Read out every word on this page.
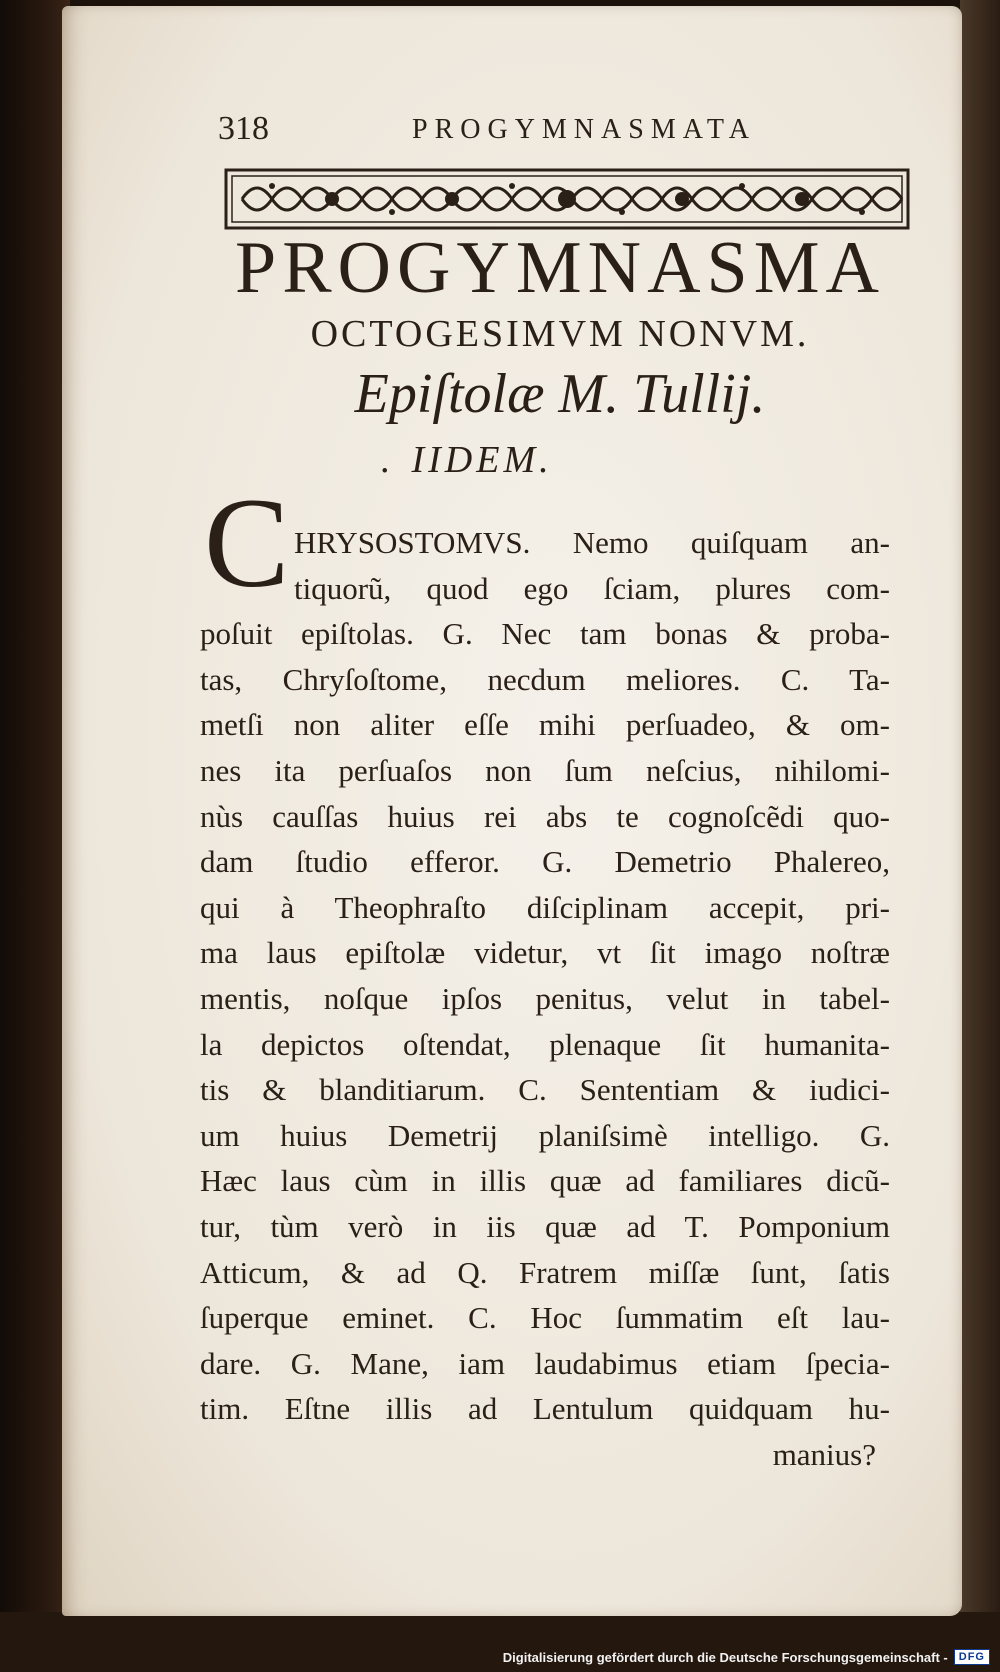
318	PROGYMNASMATA
PROGYMNASMA
OCTOGESIMVM NONVM.
Epiſtolæ M. Tullij.
. IIDEM.
C HRYSOSTOMVS. Nemo quiſquam an-
tiquorũ, quod ego ſciam, plures com-
poſuit epiſtolas. G. Nec tam bonas & proba-
tas, Chryſoſtome, necdum meliores. C. Ta-
metſi non aliter eſſe mihi perſuadeo, & om-
nes ita perſuaſos non ſum neſcius, nihilomi-
nùs cauſſas huius rei abs te cognoſcẽdi quo-
dam ſtudio efferor. G. Demetrio Phalereo,
qui à Theophraſto diſciplinam accepit, pri-
ma laus epiſtolæ videtur, vt ſit imago noſtræ
mentis, noſque ipſos penitus, velut in tabel-
la depictos oſtendat, plenaque ſit humanita-
tis & blanditiarum. C. Sententiam & iudici-
um huius Demetrij planiſsimè intelligo. G.
Hæc laus cùm in illis quæ ad familiares dicũ-
tur, tùm verò in iis quæ ad T. Pomponium
Atticum, & ad Q. Fratrem miſſæ ſunt, ſatis
ſuperque eminet. C. Hoc ſummatim eſt lau-
dare. G. Mane, iam laudabimus etiam ſpecia-
tim. Eſtne illis ad Lentulum quidquam hu-
manius?
Digitalisierung gefördert durch die Deutsche Forschungsgemeinschaft -	DFG
